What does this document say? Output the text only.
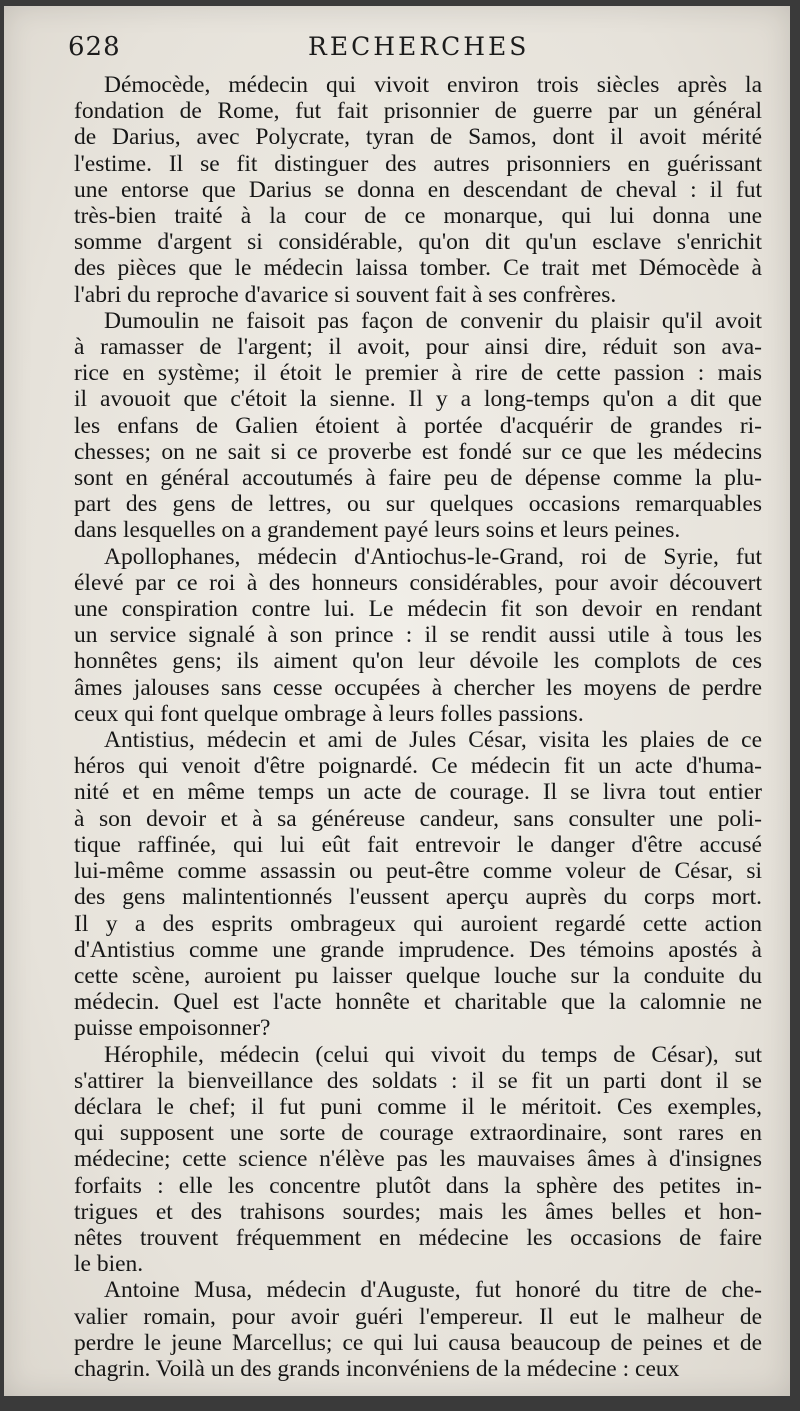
628	RECHERCHES

Démocède, médecin qui vivoit environ trois siècles après la
fondation de Rome, fut fait prisonnier de guerre par un général
de Darius, avec Polycrate, tyran de Samos, dont il avoit mérité
l'estime. Il se fit distinguer des autres prisonniers en guérissant
une entorse que Darius se donna en descendant de cheval : il fut
très-bien traité à la cour de ce monarque, qui lui donna une
somme d'argent si considérable, qu'on dit qu'un esclave s'enrichit
des pièces que le médecin laissa tomber. Ce trait met Démocède à
l'abri du reproche d'avarice si souvent fait à ses confrères.

Dumoulin ne faisoit pas façon de convenir du plaisir qu'il avoit
à ramasser de l'argent; il avoit, pour ainsi dire, réduit son ava-
rice en système; il étoit le premier à rire de cette passion : mais
il avouoit que c'étoit la sienne. Il y a long-temps qu'on a dit que
les enfans de Galien étoient à portée d'acquérir de grandes ri-
chesses; on ne sait si ce proverbe est fondé sur ce que les médecins
sont en général accoutumés à faire peu de dépense comme la plu-
part des gens de lettres, ou sur quelques occasions remarquables
dans lesquelles on a grandement payé leurs soins et leurs peines.

Apollophanes, médecin d'Antiochus-le-Grand, roi de Syrie, fut
élevé par ce roi à des honneurs considérables, pour avoir découvert
une conspiration contre lui. Le médecin fit son devoir en rendant
un service signalé à son prince : il se rendit aussi utile à tous les
honnêtes gens; ils aiment qu'on leur dévoile les complots de ces
âmes jalouses sans cesse occupées à chercher les moyens de perdre
ceux qui font quelque ombrage à leurs folles passions.

Antistius, médecin et ami de Jules César, visita les plaies de ce
héros qui venoit d'être poignardé. Ce médecin fit un acte d'huma-
nité et en même temps un acte de courage. Il se livra tout entier
à son devoir et à sa généreuse candeur, sans consulter une poli-
tique raffinée, qui lui eût fait entrevoir le danger d'être accusé
lui-même comme assassin ou peut-être comme voleur de César, si
des gens malintentionnés l'eussent aperçu auprès du corps mort.
Il y a des esprits ombrageux qui auroient regardé cette action
d'Antistius comme une grande imprudence. Des témoins apostés à
cette scène, auroient pu laisser quelque louche sur la conduite du
médecin. Quel est l'acte honnête et charitable que la calomnie ne
puisse empoisonner?

Hérophile, médecin (celui qui vivoit du temps de César), sut
s'attirer la bienveillance des soldats : il se fit un parti dont il se
déclara le chef; il fut puni comme il le méritoit. Ces exemples,
qui supposent une sorte de courage extraordinaire, sont rares en
médecine; cette science n'élève pas les mauvaises âmes à d'insignes
forfaits : elle les concentre plutôt dans la sphère des petites in-
trigues et des trahisons sourdes; mais les âmes belles et hon-
nêtes trouvent fréquemment en médecine les occasions de faire
le bien.

Antoine Musa, médecin d'Auguste, fut honoré du titre de che-
valier romain, pour avoir guéri l'empereur. Il eut le malheur de
perdre le jeune Marcellus; ce qui lui causa beaucoup de peines et de
chagrin. Voilà un des grands inconvéniens de la médecine : ceux
